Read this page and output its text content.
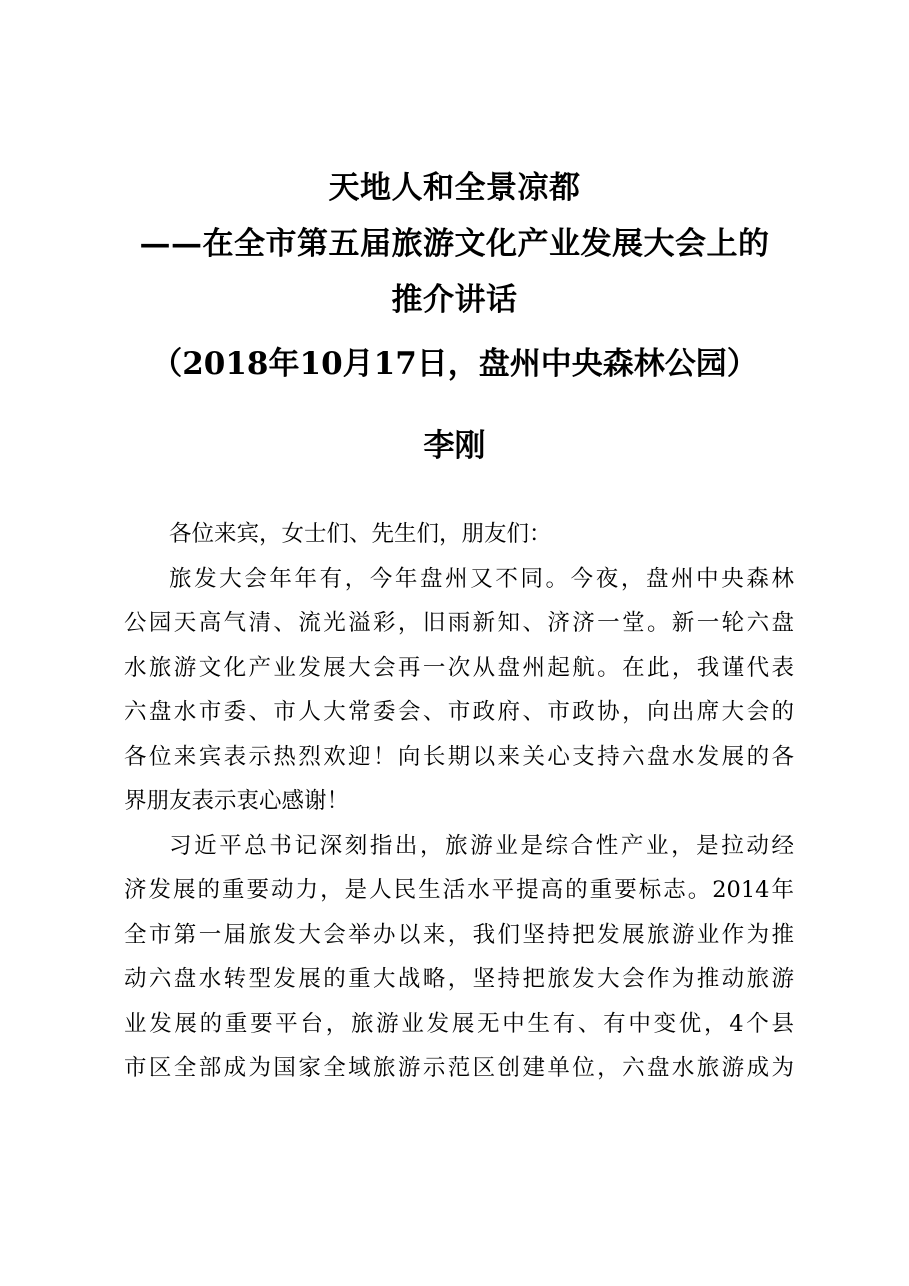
天地人和全景凉都
——在全市第五届旅游文化产业发展大会上的
推介讲话
（2018年10月17日，盘州中央森林公园）
李刚
各位来宾，女士们、先生们，朋友们：
旅发大会年年有，今年盘州又不同。今夜，盘州中央森林
公园天高气清、流光溢彩，旧雨新知、济济一堂。新一轮六盘
水旅游文化产业发展大会再一次从盘州起航。在此，我谨代表
六盘水市委、市人大常委会、市政府、市政协，向出席大会的
各位来宾表示热烈欢迎！向长期以来关心支持六盘水发展的各
界朋友表示衷心感谢！
习近平总书记深刻指出，旅游业是综合性产业，是拉动经
济发展的重要动力，是人民生活水平提高的重要标志。2014年
全市第一届旅发大会举办以来，我们坚持把发展旅游业作为推
动六盘水转型发展的重大战略，坚持把旅发大会作为推动旅游
业发展的重要平台，旅游业发展无中生有、有中变优，4个县
市区全部成为国家全域旅游示范区创建单位，六盘水旅游成为
